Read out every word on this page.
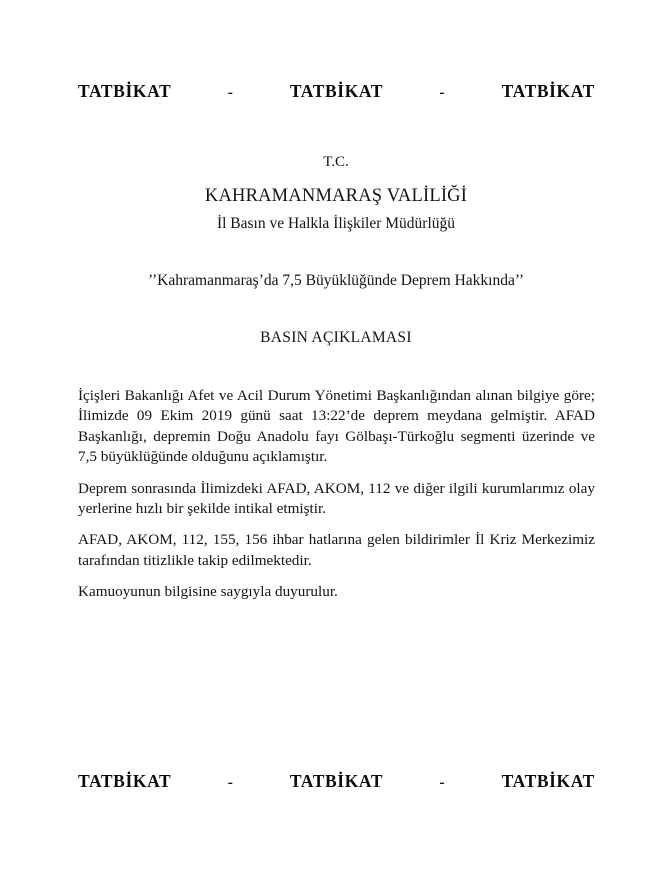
TATBİKAT	-	TATBİKAT	-	TATBİKAT
T.C.
KAHRAMANMARAŞ VALİLİĞİ
İl Basın ve Halkla İlişkiler Müdürlüğü
’’Kahramanmaraş’da 7,5 Büyüklüğünde Deprem Hakkında’’
BASIN AÇIKLAMASI

İçişleri Bakanlığı Afet ve Acil Durum Yönetimi Başkanlığından alınan bilgiye göre; İlimizde 09 Ekim 2019 günü saat 13:22’de deprem meydana gelmiştir. AFAD Başkanlığı, depremin Doğu Anadolu fayı Gölbaşı-Türkoğlu segmenti üzerinde ve 7,5 büyüklüğünde olduğunu açıklamıştır.

Deprem sonrasında İlimizdeki AFAD, AKOM, 112 ve diğer ilgili kurumlarımız olay yerlerine hızlı bir şekilde intikal etmiştir.

AFAD, AKOM, 112, 155, 156 ihbar hatlarına gelen bildirimler İl Kriz Merkezimiz tarafından titizlikle takip edilmektedir.

Kamuoyunun bilgisine saygıyla duyurulur.

TATBİKAT	-	TATBİKAT	-	TATBİKAT
